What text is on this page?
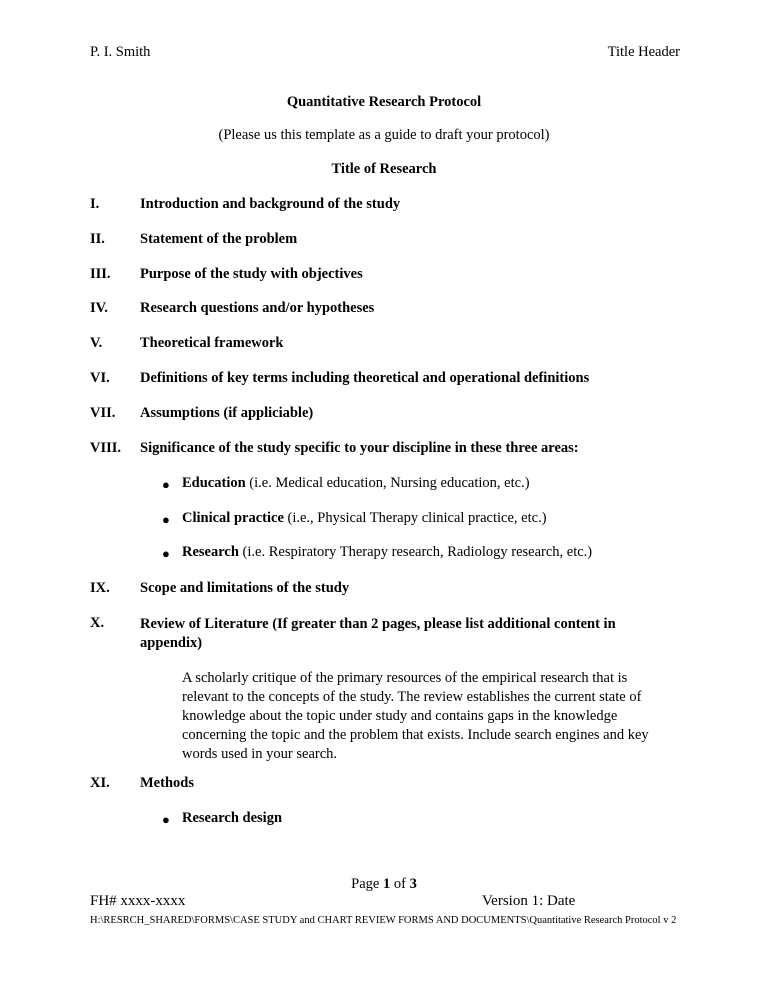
P. I. Smith	Title Header
Quantitative Research Protocol
(Please us this template as a guide to draft your protocol)
Title of Research
I.	Introduction and background of the study
II. Statement of the problem
III. Purpose of the study with objectives
IV. Research questions and/or hypotheses
V.	Theoretical framework
VI. Definitions of key terms including theoretical and operational definitions
VII. Assumptions (if appliciable)
VIII. Significance of the study specific to your discipline in these three areas:
● Education (i.e. Medical education, Nursing education, etc.)
● Clinical practice (i.e., Physical Therapy clinical practice, etc.)
● Research (i.e. Respiratory Therapy research, Radiology research, etc.)
IX. Scope and limitations of the study
X. Review of Literature (If greater than 2 pages, please list additional content in appendix)
A scholarly critique of the primary resources of the empirical research that is relevant to the concepts of the study. The review establishes the current state of knowledge about the topic under study and contains gaps in the knowledge concerning the topic and the problem that exists. Include search engines and key words used in your search.
XI. Methods
● Research design
Page 1 of 3
FH# xxxx-xxxx	Version 1: Date
H:\RESRCH_SHARED\FORMS\CASE STUDY and CHART REVIEW FORMS AND DOCUMENTS\Quantitative Research Protocol v 2
